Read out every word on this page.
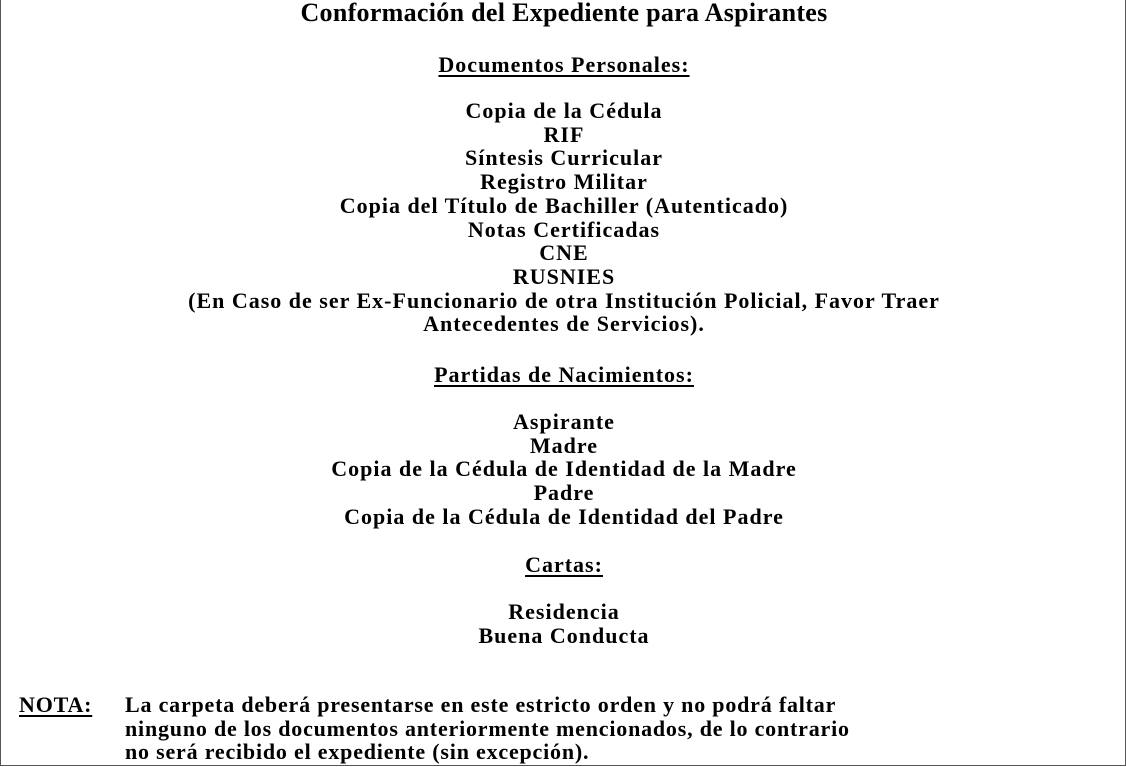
Conformación del Expediente para Aspirantes
Documentos Personales:
Copia de la Cédula
RIF
Síntesis Curricular
Registro Militar
Copia del Título de Bachiller (Autenticado)
Notas Certificadas
CNE
RUSNIES
(En Caso de ser Ex-Funcionario de otra Institución Policial, Favor Traer
Antecedentes de Servicios).
Partidas de Nacimientos:
Aspirante
Madre
Copia de la Cédula de Identidad de la Madre
Padre
Copia de la Cédula de Identidad del Padre
Cartas:
Residencia
Buena Conducta
NOTA: La carpeta deberá presentarse en este estricto orden y no podrá faltar
ninguno de los documentos anteriormente mencionados, de lo contrario
no será recibido el expediente (sin excepción).
